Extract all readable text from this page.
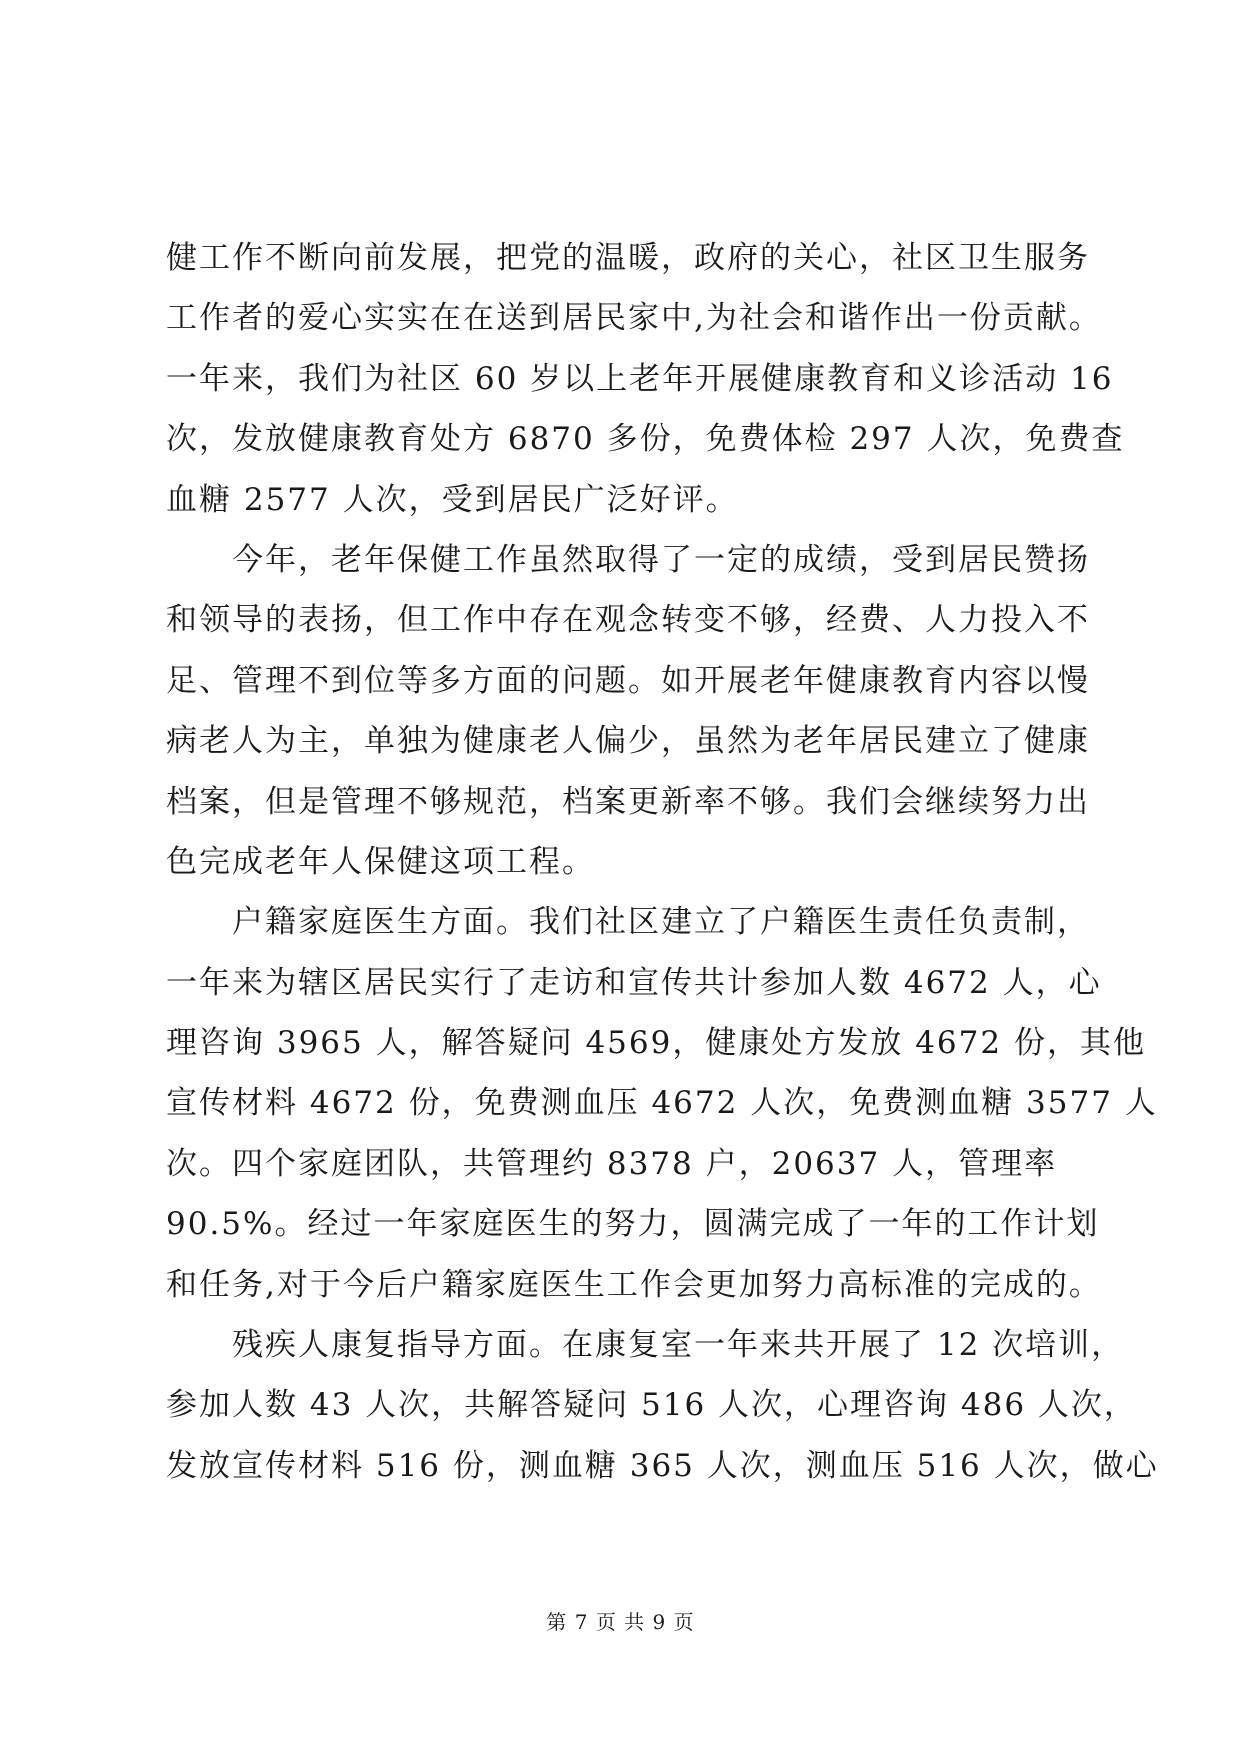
健工作不断向前发展，把党的温暖，政府的关心，社区卫生服务
工作者的爱心实实在在送到居民家中,为社会和谐作出一份贡献。
一年来，我们为社区 60 岁以上老年开展健康教育和义诊活动 16
次，发放健康教育处方 6870 多份，免费体检 297 人次，免费查
血糖 2577 人次，受到居民广泛好评。
今年，老年保健工作虽然取得了一定的成绩，受到居民赞扬
和领导的表扬，但工作中存在观念转变不够，经费、人力投入不
足、管理不到位等多方面的问题。如开展老年健康教育内容以慢
病老人为主，单独为健康老人偏少，虽然为老年居民建立了健康
档案，但是管理不够规范，档案更新率不够。我们会继续努力出
色完成老年人保健这项工程。
户籍家庭医生方面。我们社区建立了户籍医生责任负责制，
一年来为辖区居民实行了走访和宣传共计参加人数 4672 人，心
理咨询 3965 人，解答疑问 4569，健康处方发放 4672 份，其他
宣传材料 4672 份，免费测血压 4672 人次，免费测血糖 3577 人
次。四个家庭团队，共管理约 8378 户，20637 人，管理率
90.5%。经过一年家庭医生的努力，圆满完成了一年的工作计划
和任务,对于今后户籍家庭医生工作会更加努力高标准的完成的。
残疾人康复指导方面。在康复室一年来共开展了 12 次培训，
参加人数 43 人次，共解答疑问 516 人次，心理咨询 486 人次，
发放宣传材料 516 份，测血糖 365 人次，测血压 516 人次，做心
第 7 页 共 9 页
